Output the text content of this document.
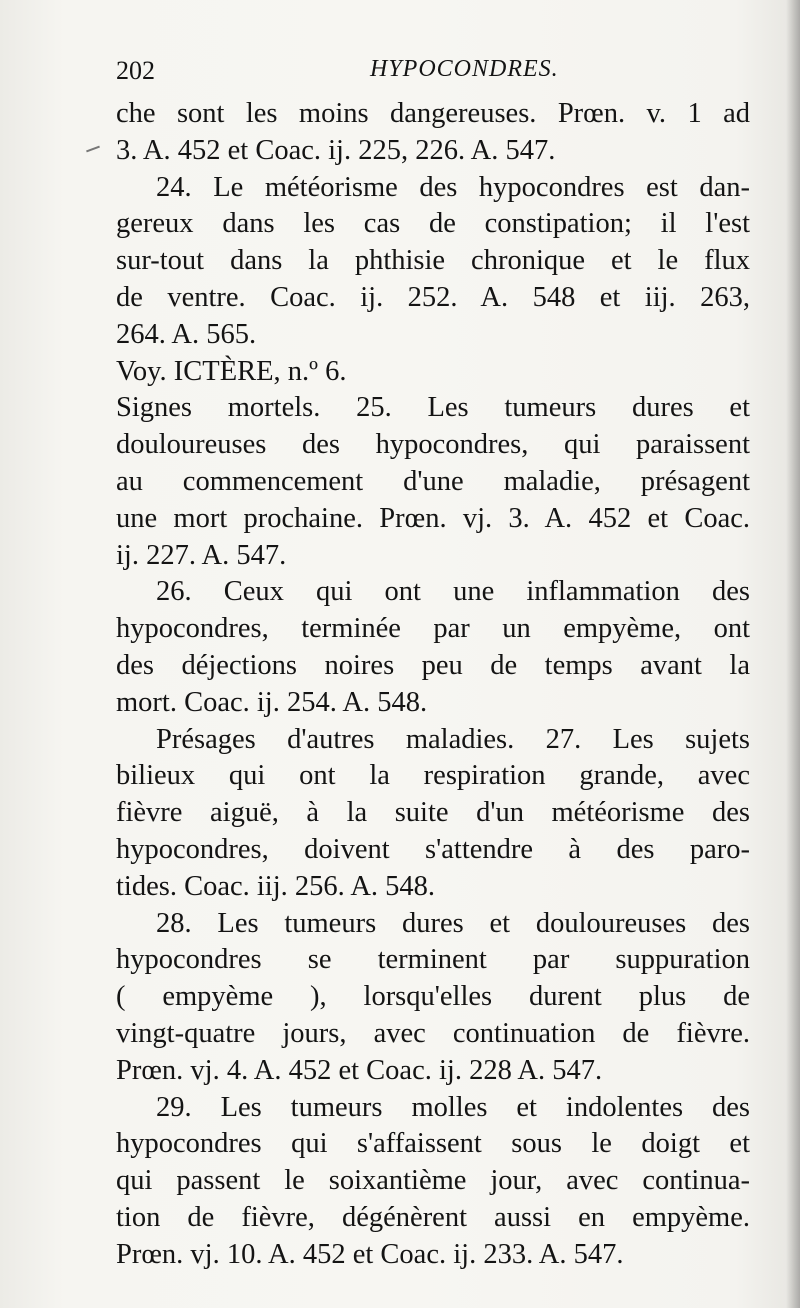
202	HYPOCONDRES.
che sont les moins dangereuses. Prœn. v. 1 ad
3. A. 452 et Coac. ij. 225, 226. A. 547.
24. Le météorisme des hypocondres est dan-
gereux dans les cas de constipation; il l'est
sur-tout dans la phthisie chronique et le flux
de ventre. Coac. ij. 252. A. 548 et iij. 263,
264. A. 565.
Voy. ICTÈRE, n.º 6.
Signes mortels. 25. Les tumeurs dures et
douloureuses des hypocondres, qui paraissent
au commencement d'une maladie, présagent
une mort prochaine. Prœn. vj. 3. A. 452 et Coac.
ij. 227. A. 547.
26. Ceux qui ont une inflammation des
hypocondres, terminée par un empyème, ont
des déjections noires peu de temps avant la
mort. Coac. ij. 254. A. 548.
Présages d'autres maladies. 27. Les sujets
bilieux qui ont la respiration grande, avec
fièvre aiguë, à la suite d'un météorisme des
hypocondres, doivent s'attendre à des paro-
tides. Coac. iij. 256. A. 548.
28. Les tumeurs dures et douloureuses des
hypocondres se terminent par suppuration
( empyème ), lorsqu'elles durent plus de
vingt-quatre jours, avec continuation de fièvre.
Prœn. vj. 4. A. 452 et Coac. ij. 228 A. 547.
29. Les tumeurs molles et indolentes des
hypocondres qui s'affaissent sous le doigt et
qui passent le soixantième jour, avec continua-
tion de fièvre, dégénèrent aussi en empyème.
Prœn. vj. 10. A. 452 et Coac. ij. 233. A. 547.
